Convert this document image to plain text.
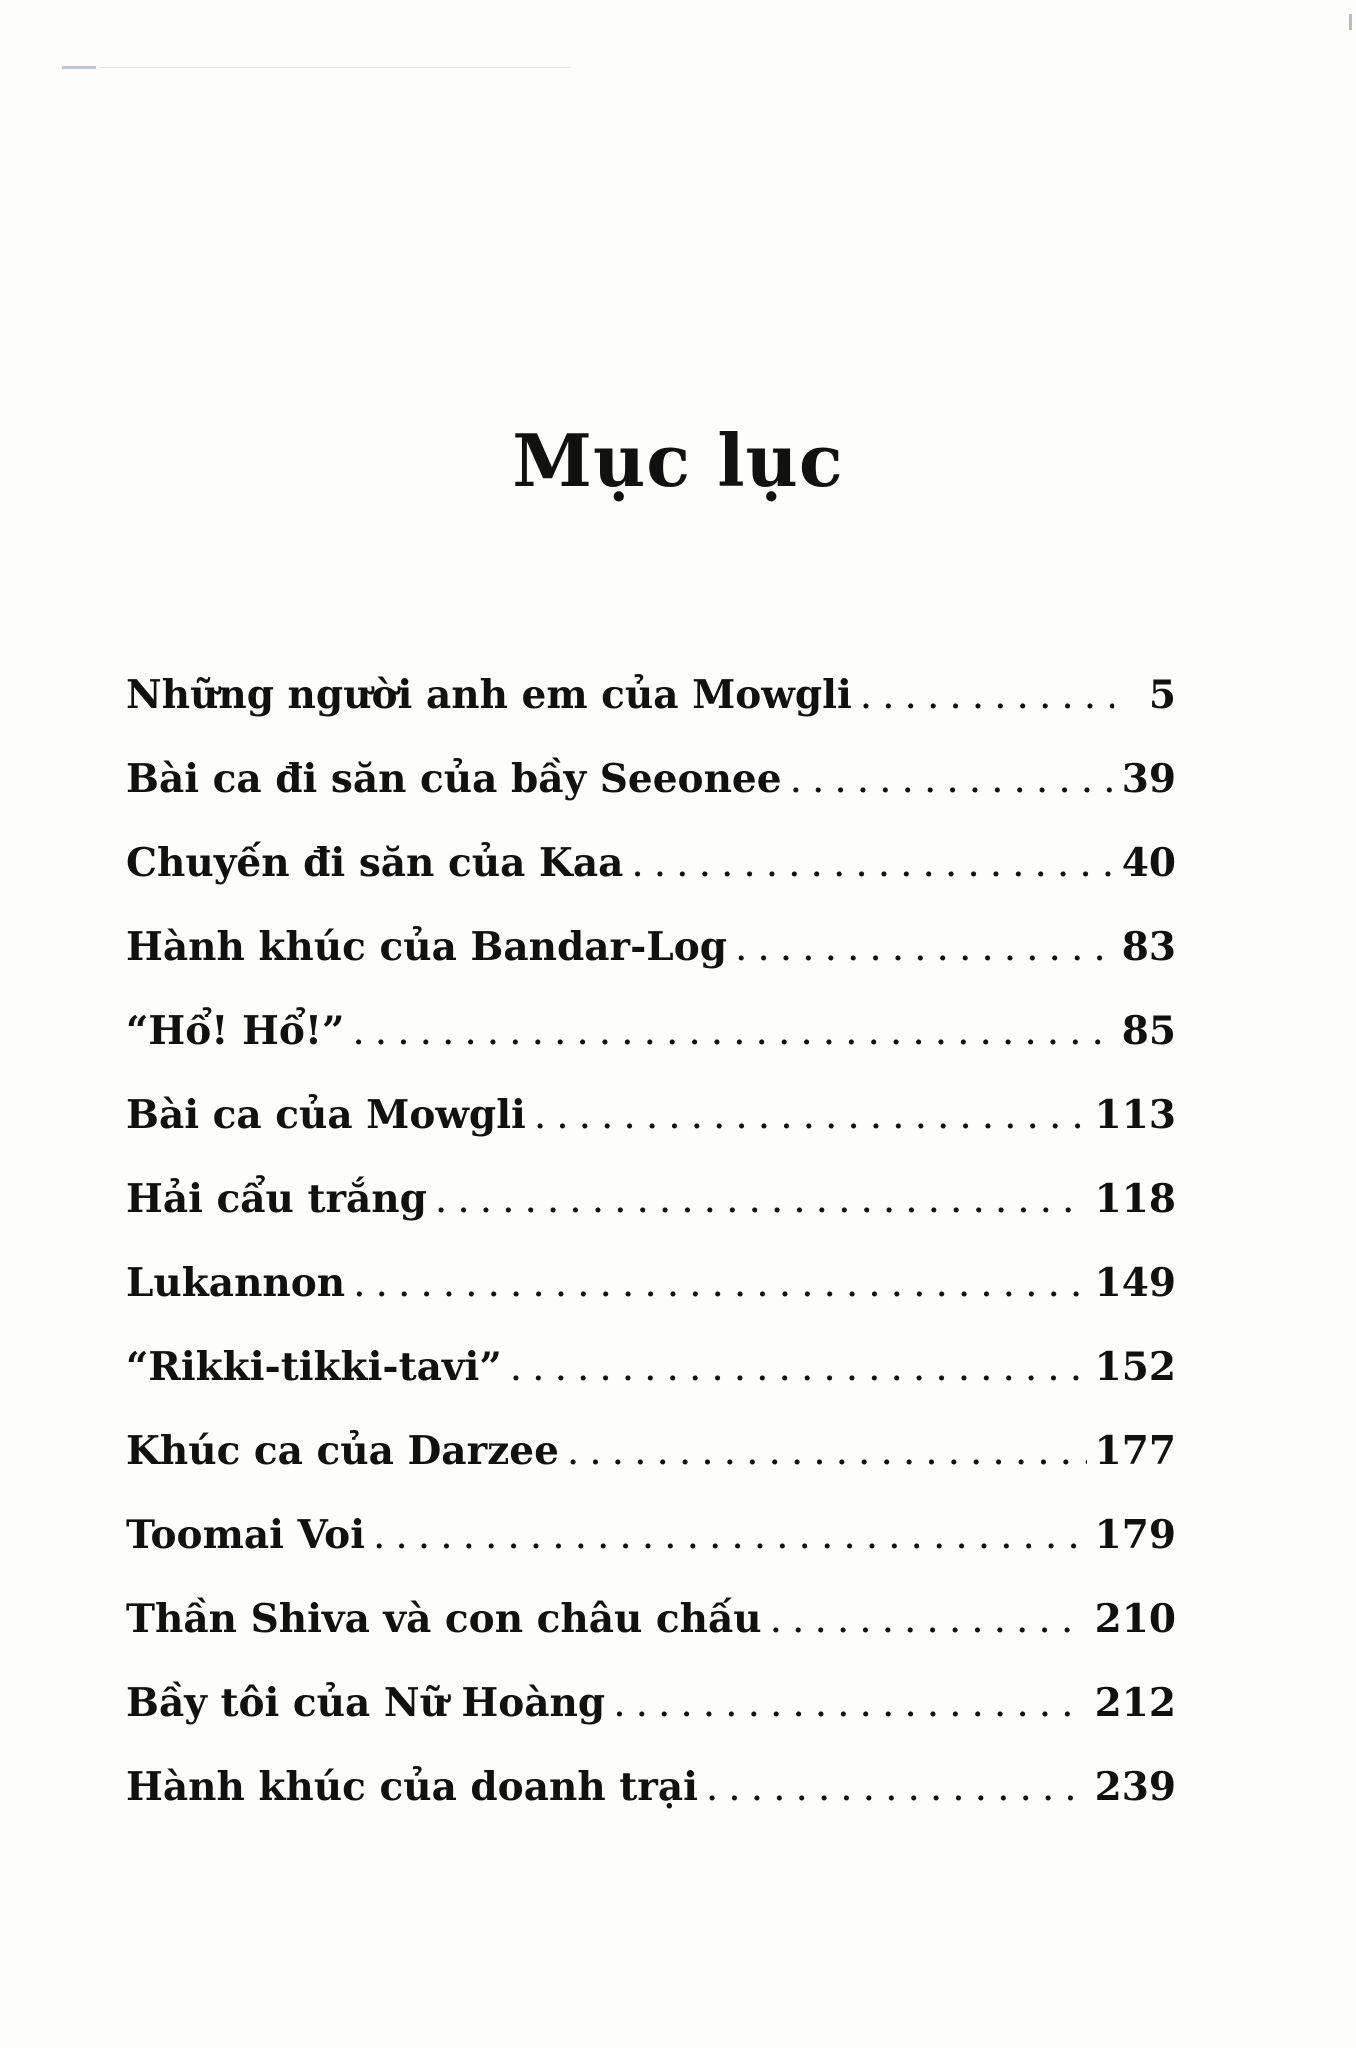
Mục lục
Những người anh em của Mowgli .....	5
Bài ca đi săn của bầy Seeonee .....	39
Chuyến đi săn của Kaa .....	40
Hành khúc của Bandar-Log .....	83
“Hổ! Hổ!” .....	85
Bài ca của Mowgli .....	113
Hải cẩu trắng .....	118
Lukannon .....	149
“Rikki-tikki-tavi” .....	152
Khúc ca của Darzee .....	177
Toomai Voi .....	179
Thần Shiva và con châu chấu .....	210
Bầy tôi của Nữ Hoàng .....	212
Hành khúc của doanh trại .....	239
